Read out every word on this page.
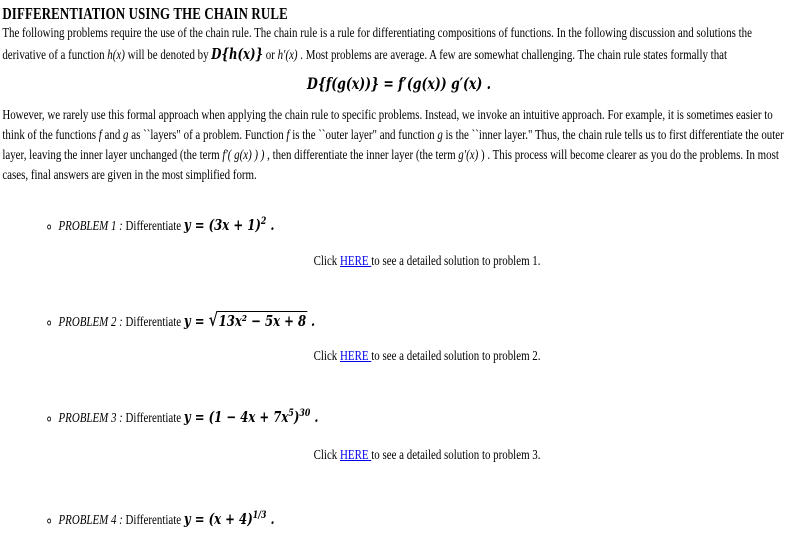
DIFFERENTIATION USING THE CHAIN RULE

The following problems require the use of the chain rule. The chain rule is a rule for differentiating compositions of functions. In the following discussion and solutions the derivative of a function h(x) will be denoted by D{h(x)} or h′(x) . Most problems are average. A few are somewhat challenging. The chain rule states formally that

D{f(g(x))} = f′(g(x)) g′(x) .

However, we rarely use this formal approach when applying the chain rule to specific problems. Instead, we invoke an intuitive approach. For example, it is sometimes easier to think of the functions f and g as ``layers" of a problem. Function f is the ``outer layer" and function g is the ``inner layer." Thus, the chain rule tells us to first differentiate the outer layer, leaving the inner layer unchanged (the term f′( g(x) ) ) , then differentiate the inner layer (the term g′(x) ) . This process will become clearer as you do the problems. In most cases, final answers are given in the most simplified form.

◦ PROBLEM 1 : Differentiate $y = (3x + 1)^2$ .
Click HERE to see a detailed solution to problem 1.
◦ PROBLEM 2 : Differentiate y = √13x² − 5x + 8 .
Click HERE to see a detailed solution to problem 2.
◦ PROBLEM 3 : Differentiate $y = (1 - 4x + 7x^5)^{30}$ .
Click HERE to see a detailed solution to problem 3.
◦ PROBLEM 4 : Differentiate $y = (x + 4)^{1/3}$ .
